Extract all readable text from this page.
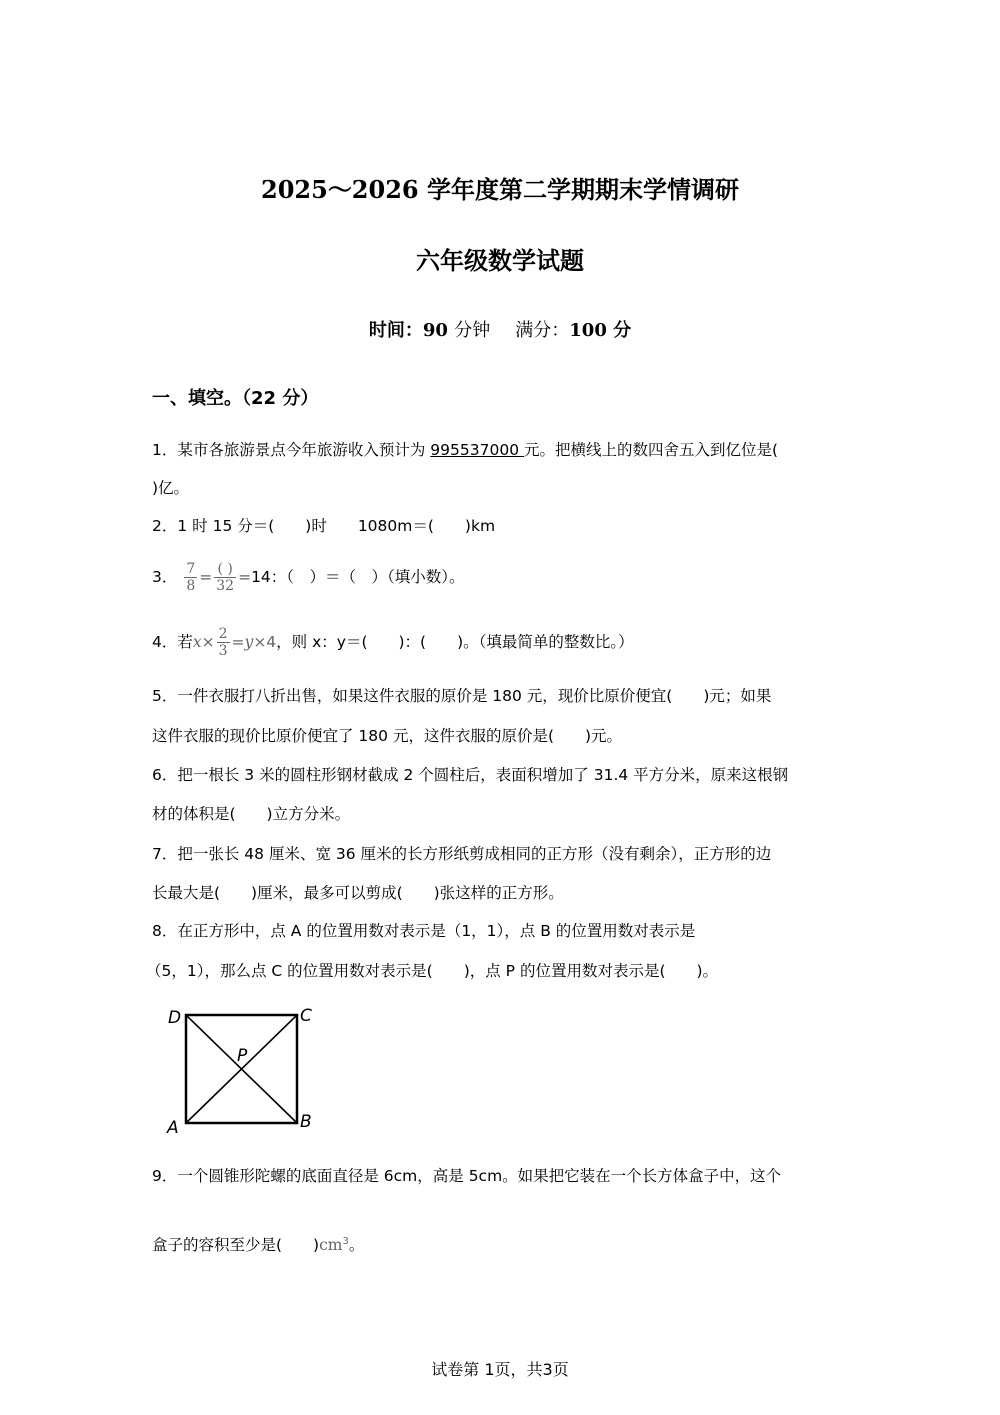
2025～2026 学年度第二学期期末学情调研
六年级数学试题
时间：90 分钟 满分：100 分
一、填空。（22 分）
1．某市各旅游景点今年旅游收入预计为 995537000 元。把横线上的数四舍五入到亿位是(
)亿。
2．1 时 15 分＝(　　)时　　1080m＝(　　)km
3． $\frac{7}{8} = \frac{( )}{32} =14$：（　）＝（　）（填小数）。
4．若$x\times \frac{2}{3} =y\times 4$，则 x：y＝(　　)：(　　)。（填最简单的整数比。）
5．一件衣服打八折出售，如果这件衣服的原价是 180 元，现价比原价便宜(　　)元；如果
这件衣服的现价比原价便宜了 180 元，这件衣服的原价是(　　)元。
6．把一根长 3 米的圆柱形钢材截成 2 个圆柱后，表面积增加了 31.4 平方分米，原来这根钢
材的体积是(　　)立方分米。
7．把一张长 48 厘米、宽 36 厘米的长方形纸剪成相同的正方形（没有剩余），正方形的边
长最大是(　　)厘米，最多可以剪成(　　)张这样的正方形。
8．在正方形中，点 A 的位置用数对表示是（1，1），点 B 的位置用数对表示是
（5，1），那么点 C 的位置用数对表示是(　　)，点 P 的位置用数对表示是(　　)。
D	C
A	B
P
9．一个圆锥形陀螺的底面直径是 6cm，高是 5cm。如果把它装在一个长方体盒子中，这个
盒子的容积至少是(　　)$cm^3$。
试卷第 1页，共3页
